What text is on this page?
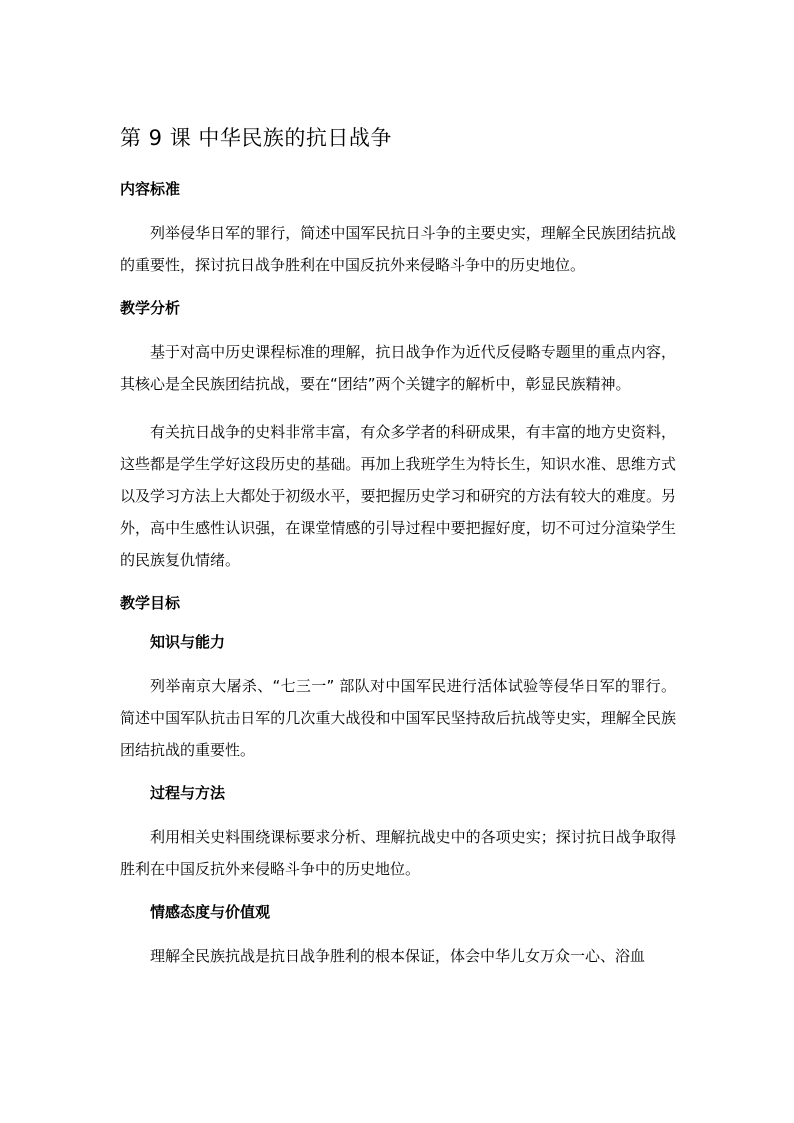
第 9 课 中华民族的抗日战争
内容标准

列举侵华日军的罪行，简述中国军民抗日斗争的主要史实，理解全民族团结抗战的重要性，探讨抗日战争胜利在中国反抗外来侵略斗争中的历史地位。

教学分析

基于对高中历史课程标准的理解，抗日战争作为近代反侵略专题里的重点内容，其核心是全民族团结抗战，要在“团结”两个关键字的解析中，彰显民族精神。

有关抗日战争的史料非常丰富，有众多学者的科研成果，有丰富的地方史资料，这些都是学生学好这段历史的基础。再加上我班学生为特长生，知识水准、思维方式以及学习方法上大都处于初级水平，要把握历史学习和研究的方法有较大的难度。另外，高中生感性认识强，在课堂情感的引导过程中要把握好度，切不可过分渲染学生的民族复仇情绪。

教学目标
知识与能力

列举南京大屠杀、“七三一” 部队对中国军民进行活体试验等侵华日军的罪行。简述中国军队抗击日军的几次重大战役和中国军民坚持敌后抗战等史实，理解全民族团结抗战的重要性。

过程与方法

利用相关史料围绕课标要求分析、理解抗战史中的各项史实；探讨抗日战争取得胜利在中国反抗外来侵略斗争中的历史地位。

情感态度与价值观

理解全民族抗战是抗日战争胜利的根本保证，体会中华儿女万众一心、浴血
